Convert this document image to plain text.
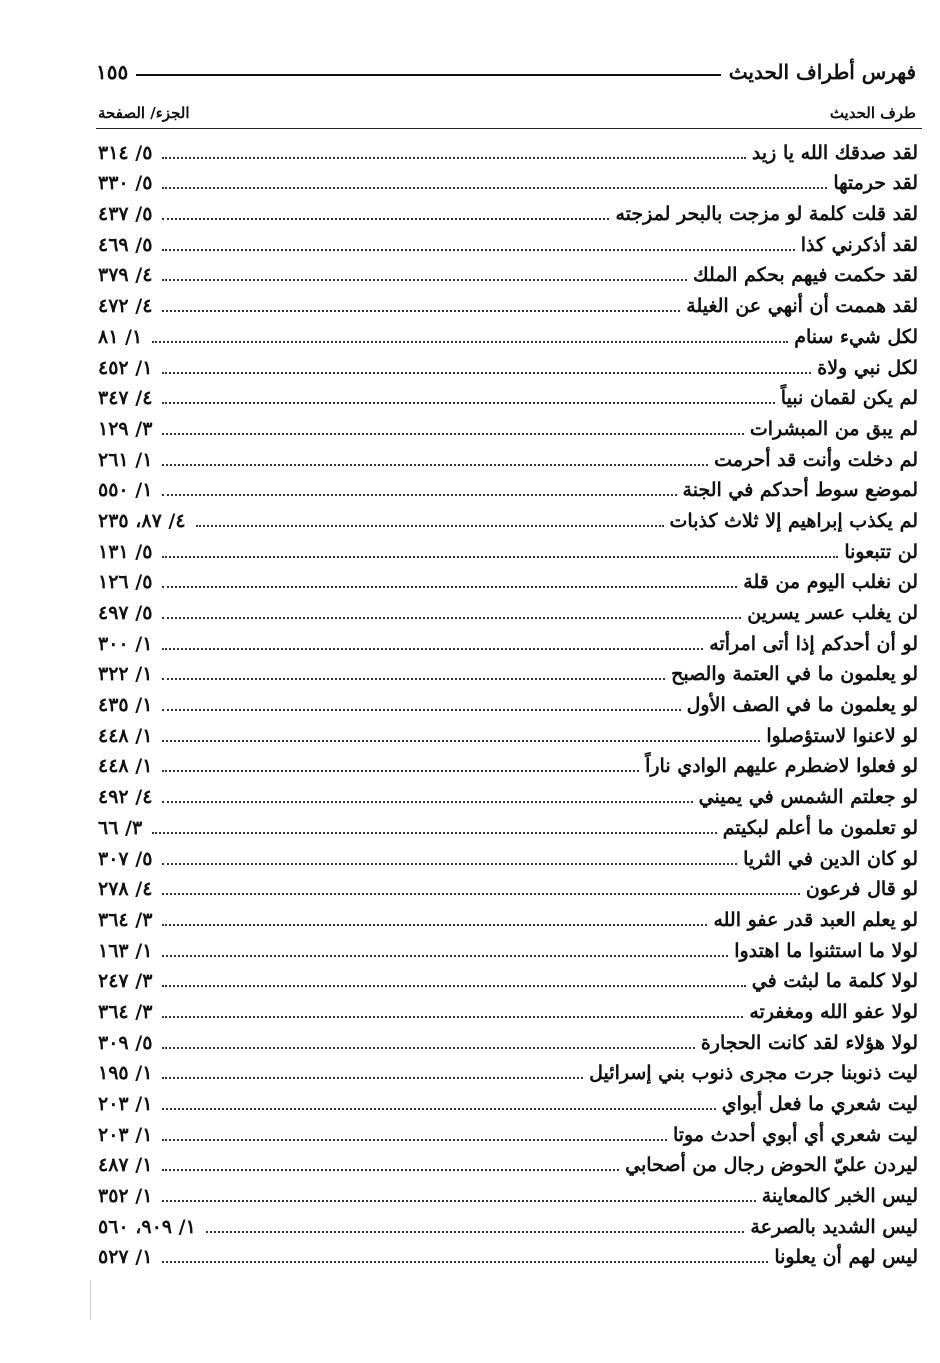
فهرس أطراف الحديث
١٥٥
طرف الحديث
الجزء/ الصفحة
لقد صدقك الله يا زيد
٥/ ٣١٤
لقد حرمتها
٥/ ٣٣٠
لقد قلت كلمة لو مزجت بالبحر لمزجته
٥/ ٤٣٧
لقد أذكرني كذا
٥/ ٤٦٩
لقد حكمت فيهم بحكم الملك
٤/ ٣٧٩
لقد هممت أن أنهي عن الغيلة
٤/ ٤٧٢
لكل شيء سنام
١/ ٨١
لكل نبي ولاة
١/ ٤٥٢
لم يكن لقمان نبياً
٤/ ٣٤٧
لم يبق من المبشرات
٣/ ١٢٩
لم دخلت وأنت قد أحرمت
١/ ٢٦١
لموضع سوط أحدكم في الجنة
١/ ٥٥٠
لم يكذب إبراهيم إلا ثلاث كذبات
٤/ ٨٧، ٢٣٥
لن تتبعونا
٥/ ١٣١
لن نغلب اليوم من قلة
٥/ ١٢٦
لن يغلب عسر يسرين
٥/ ٤٩٧
لو أن أحدكم إذا أتى امرأته
١/ ٣٠٠
لو يعلمون ما في العتمة والصبح
١/ ٣٢٢
لو يعلمون ما في الصف الأول
١/ ٤٣٥
لو لاعنوا لاستؤصلوا
١/ ٤٤٨
لو فعلوا لاضطرم عليهم الوادي ناراً
١/ ٤٤٨
لو جعلتم الشمس في يميني
٤/ ٤٩٢
لو تعلمون ما أعلم لبكيتم
٣/ ٦٦
لو كان الدين في الثريا
٥/ ٣٠٧
لو قال فرعون
٤/ ٢٧٨
لو يعلم العبد قدر عفو الله
٣/ ٣٦٤
لولا ما استثنوا ما اهتدوا
١/ ١٦٣
لولا كلمة ما لبثت في
٣/ ٢٤٧
لولا عفو الله ومغفرته
٣/ ٣٦٤
لولا هؤلاء لقد كانت الحجارة
٥/ ٣٠٩
ليت ذنوبنا جرت مجرى ذنوب بني إسرائيل
١/ ١٩٥
ليت شعري ما فعل أبواي
١/ ٢٠٣
ليت شعري أي أبوي أحدث موتا
١/ ٢٠٣
ليردن عليّ الحوض رجال من أصحابي
١/ ٤٨٧
ليس الخبر كالمعاينة
١/ ٣٥٢
ليس الشديد بالصرعة
١/ ٩٠٩، ٥٦٠
ليس لهم أن يعلونا
١/ ٥٢٧
